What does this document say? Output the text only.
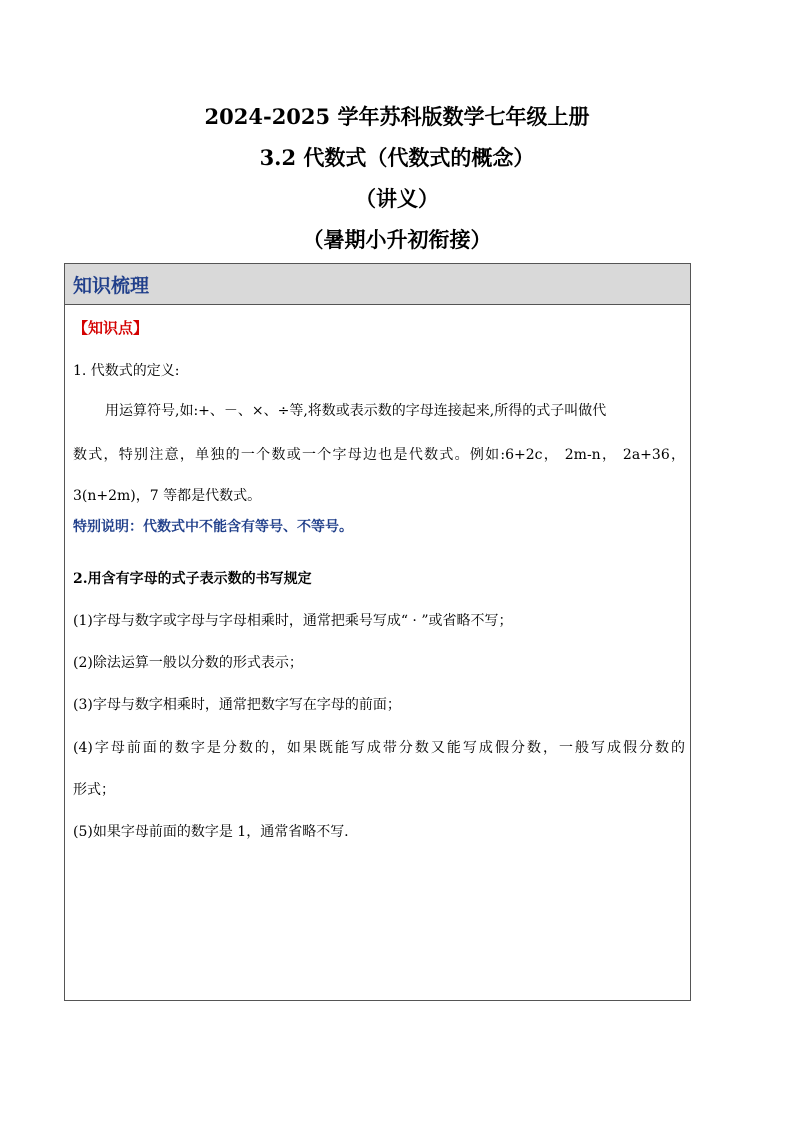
2024-2025 学年苏科版数学七年级上册
3.2 代数式（代数式的概念）
（讲义）
（暑期小升初衔接）
知识梳理
【知识点】
1. 代数式的定义:
用运算符号,如:+、－、×、÷等,将数或表示数的字母连接起来,所得的式子叫做代
数式，特别注意，单独的一个数或一个字母边也是代数式。例如:6+2c， 2m-n， 2a+36，
3(n+2m)，7 等都是代数式。
特别说明：代数式中不能含有等号、不等号。
2.用含有字母的式子表示数的书写规定
(1)字母与数字或字母与字母相乘时，通常把乘号写成“ · ”或省略不写；
(2)除法运算一般以分数的形式表示；
(3)字母与数字相乘时，通常把数字写在字母的前面；
(4)字母前面的数字是分数的，如果既能写成带分数又能写成假分数，一般写成假分数的
形式；
(5)如果字母前面的数字是 1，通常省略不写.
